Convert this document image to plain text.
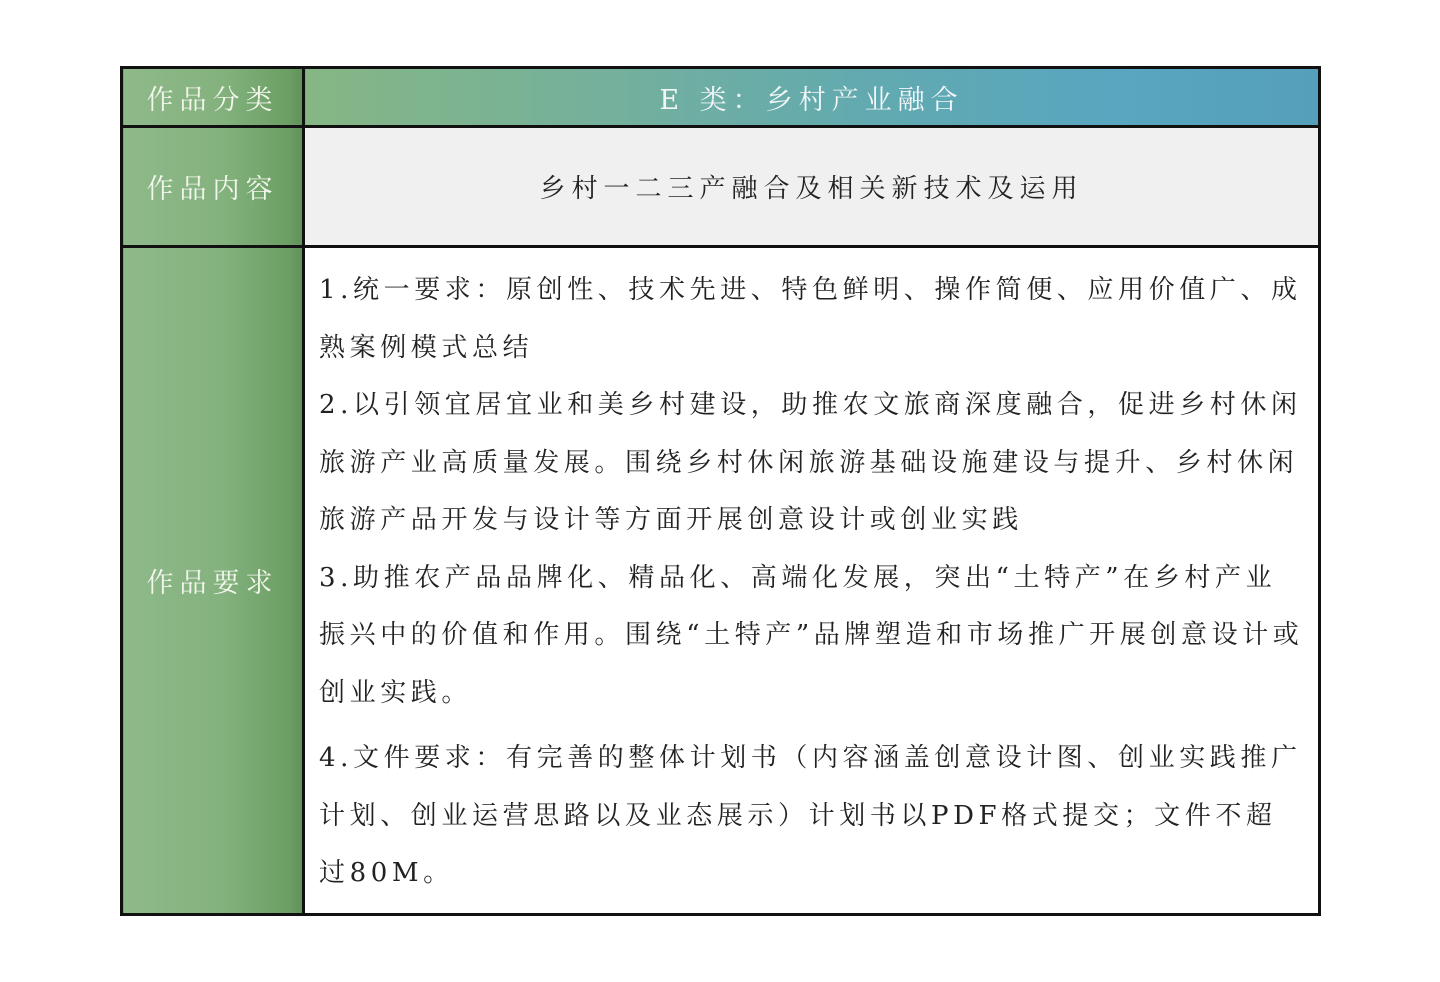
作品分类	E 类：乡村产业融合
作品内容	乡村一二三产融合及相关新技术及运用
作品要求	1.统一要求：原创性、技术先进、特色鲜明、操作简便、应用价值广、成熟案例模式总结

2.以引领宜居宜业和美乡村建设，助推农文旅商深度融合，促进乡村休闲旅游产业高质量发展。围绕乡村休闲旅游基础设施建设与提升、乡村休闲旅游产品开发与设计等方面开展创意设计或创业实践

3.助推农产品品牌化、精品化、高端化发展，突出“土特产”在乡村产业振兴中的价值和作用。围绕“土特产”品牌塑造和市场推广开展创意设计或创业实践。

4.文件要求：有完善的整体计划书（内容涵盖创意设计图、创业实践推广计划、创业运营思路以及业态展示）计划书以PDF格式提交；文件不超过80M。
